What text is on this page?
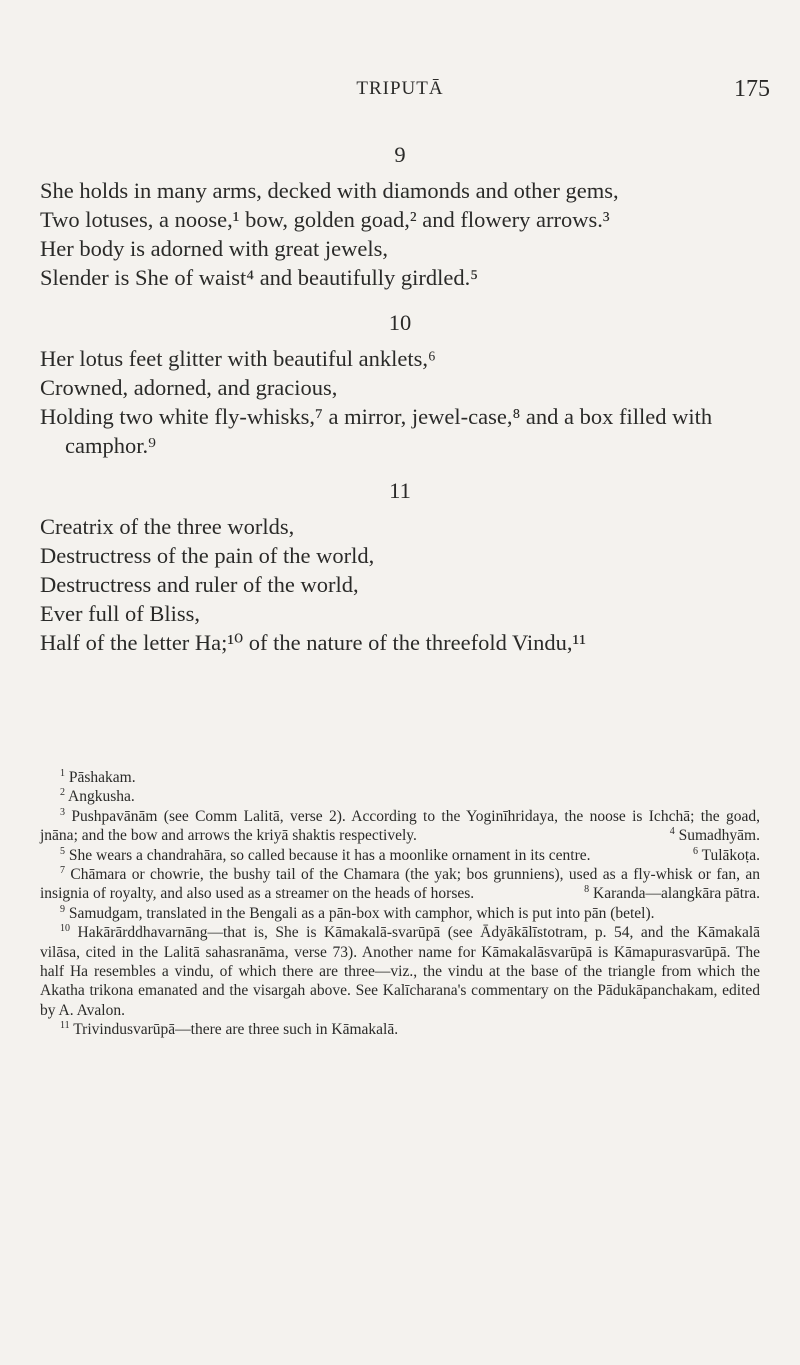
TRIPUTĀ	175
9
She holds in many arms, decked with diamonds and other gems,
Two lotuses, a noose,¹ bow, golden goad,² and flowery arrows.³
Her body is adorned with great jewels,
Slender is She of waist⁴ and beautifully girdled.⁵
10
Her lotus feet glitter with beautiful anklets,⁶
Crowned, adorned, and gracious,
Holding two white fly-whisks,⁷ a mirror, jewel-case,⁸ and a box filled with camphor.⁹
11
Creatrix of the three worlds,
Destructress of the pain of the world,
Destructress and ruler of the world,
Ever full of Bliss,
Half of the letter Ha;¹⁰ of the nature of the threefold Vindu,¹¹

$^1$ Pāshakam.

$^2$ Angkusha.

$^3$ Pushpavānām (see Comm Lalitā, verse 2). According to the Yoginīhridaya, the noose is Ichchā; the goad, jnāna; and the bow and arrows the kriyā shaktis respectively.	$^4$ Sumadhyām.

$^5$ She wears a chandrahāra, so called because it has a moonlike ornament in its centre.	$^6$ Tulākoṭa.

$^7$ Chāmara or chowrie, the bushy tail of the Chamara (the yak; bos grunniens), used as a fly-whisk or fan, an insignia of royalty, and also used as a streamer on the heads of horses.	$^8$ Karanda—alangkāra pātra.

$^9$ Samudgam, translated in the Bengali as a pān-box with camphor, which is put into pān (betel).

$^{10}$ Hakārārddhavarnāng—that is, She is Kāmakalā-svarūpā (see Ādyākālīstotram, p. 54, and the Kāmakalā vilāsa, cited in the Lalitā sahasranāma, verse 73). Another name for Kāmakalāsvarūpā is Kāmapurasvarūpā. The half Ha resembles a vindu, of which there are three—viz., the vindu at the base of the triangle from which the Akatha trikona emanated and the visargah above. See Kalīcharana's commentary on the Pādukāpanchakam, edited by A. Avalon.

$^{11}$ Trivindusvarūpā—there are three such in Kāmakalā.
